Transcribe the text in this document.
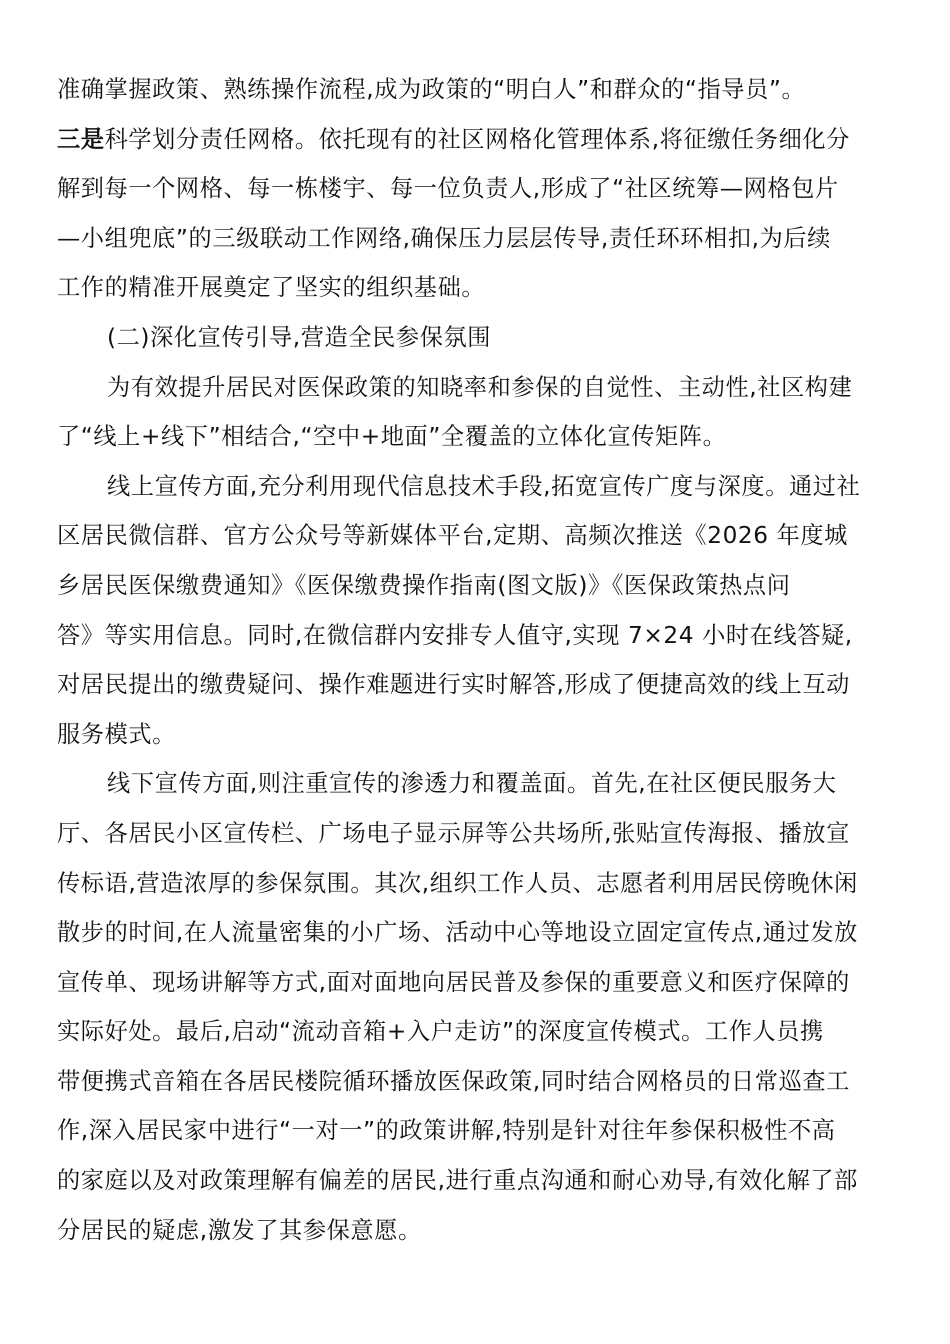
准确掌握政策、熟练操作流程,成为政策的“明白人”和群众的“指导员”。
三是科学划分责任网格。依托现有的社区网格化管理体系,将征缴任务细化分
解到每一个网格、每一栋楼宇、每一位负责人,形成了“社区统筹—网格包片
—小组兜底”的三级联动工作网络,确保压力层层传导,责任环环相扣,为后续
工作的精准开展奠定了坚实的组织基础。
(二)深化宣传引导,营造全民参保氛围
为有效提升居民对医保政策的知晓率和参保的自觉性、主动性,社区构建
了“线上+线下”相结合,“空中+地面”全覆盖的立体化宣传矩阵。
线上宣传方面,充分利用现代信息技术手段,拓宽宣传广度与深度。通过社
区居民微信群、官方公众号等新媒体平台,定期、高频次推送《2026 年度城
乡居民医保缴费通知》《医保缴费操作指南(图文版)》《医保政策热点问
答》等实用信息。同时,在微信群内安排专人值守,实现 7×24 小时在线答疑,
对居民提出的缴费疑问、操作难题进行实时解答,形成了便捷高效的线上互动
服务模式。
线下宣传方面,则注重宣传的渗透力和覆盖面。首先,在社区便民服务大
厅、各居民小区宣传栏、广场电子显示屏等公共场所,张贴宣传海报、播放宣
传标语,营造浓厚的参保氛围。其次,组织工作人员、志愿者利用居民傍晚休闲
散步的时间,在人流量密集的小广场、活动中心等地设立固定宣传点,通过发放
宣传单、现场讲解等方式,面对面地向居民普及参保的重要意义和医疗保障的
实际好处。最后,启动“流动音箱+入户走访”的深度宣传模式。工作人员携
带便携式音箱在各居民楼院循环播放医保政策,同时结合网格员的日常巡查工
作,深入居民家中进行“一对一”的政策讲解,特别是针对往年参保积极性不高
的家庭以及对政策理解有偏差的居民,进行重点沟通和耐心劝导,有效化解了部
分居民的疑虑,激发了其参保意愿。
